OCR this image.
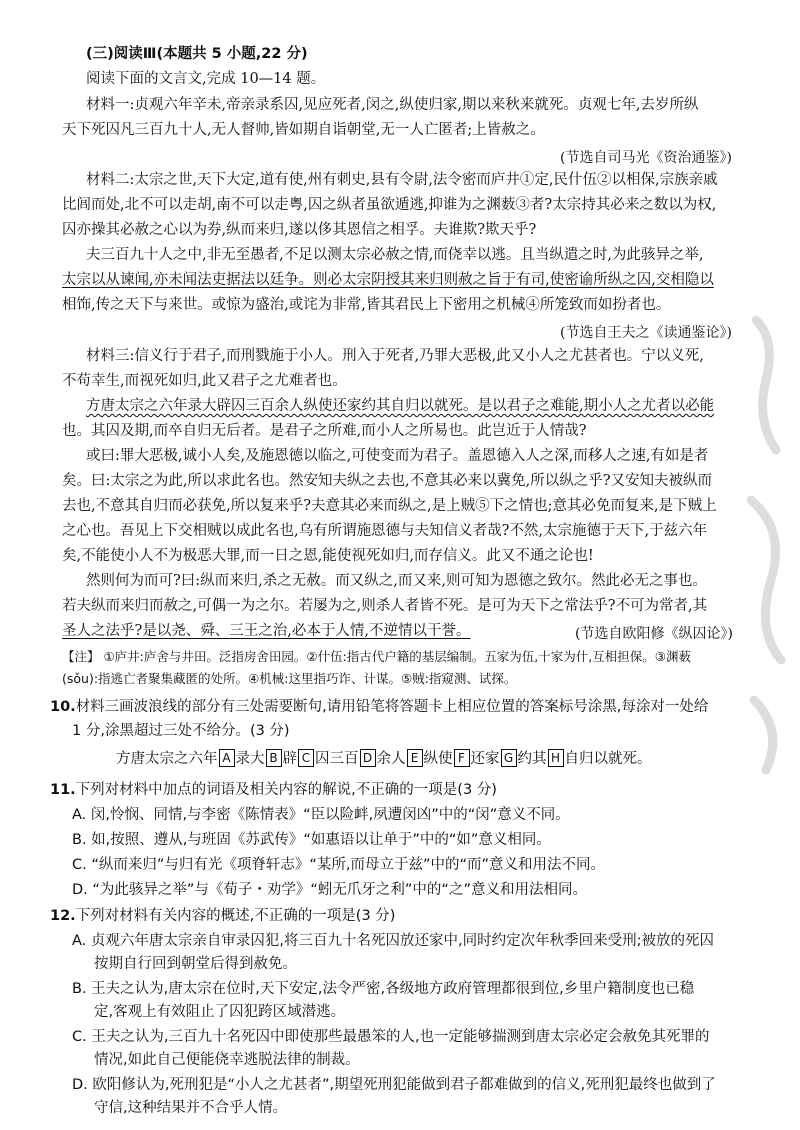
(三)阅读Ⅲ(本题共 5 小题,22 分)
阅读下面的文言文,完成 10—14 题。
材料一:贞观六年辛未,帝亲录系囚,见应死者,闵之,纵使归家,期以来秋来就死。贞观七年,去岁所纵
天下死囚凡三百九十人,无人督帅,皆如期自诣朝堂,无一人亡匿者;上皆赦之。
(节选自司马光《资治通鉴》)
材料二:太宗之世,天下大定,道有使,州有刺史,县有令尉,法令密而庐井①定,民什伍②以相保,宗族亲戚
比闾而处,北不可以走胡,南不可以走粤,囚之纵者虽欲遁逃,抑谁为之渊薮③者?太宗持其必来之数以为权,
囚亦操其必赦之心以为券,纵而来归,遂以侈其恩信之相孚。夫谁欺?欺天乎?
夫三百九十人之中,非无至愚者,不足以测太宗必赦之情,而侥幸以逃。且当纵遣之时,为此骇异之举,
太宗以从谏闻,亦未闻法吏据法以廷争。则必太宗阴授其来归则赦之旨于有司,使密谕所纵之囚,交相隐以
相饰,传之天下与来世。或惊为盛治,或诧为非常,皆其君民上下密用之机械④所笼致而如扮者也。
(节选自王夫之《读通鉴论》)
材料三:信义行于君子,而刑戮施于小人。刑入于死者,乃罪大恶极,此又小人之尤甚者也。宁以义死,
不苟幸生,而视死如归,此又君子之尤难者也。
方唐太宗之六年录大辟囚三百余人纵使还家约其自归以就死。是以君子之难能,期小人之尤者以必能
也。其囚及期,而卒自归无后者。是君子之所难,而小人之所易也。此岂近于人情哉?
或曰:罪大恶极,诚小人矣,及施恩德以临之,可使变而为君子。盖恩德入人之深,而移人之速,有如是者
矣。曰:太宗之为此,所以求此名也。然安知夫纵之去也,不意其必来以冀免,所以纵之乎?又安知夫被纵而
去也,不意其自归而必获免,所以复来乎?夫意其必来而纵之,是上贼⑤下之情也;意其必免而复来,是下贼上
之心也。吾见上下交相贼以成此名也,乌有所谓施恩德与夫知信义者哉?不然,太宗施德于天下,于兹六年
矣,不能使小人不为极恶大罪,而一日之恩,能使视死如归,而存信义。此又不通之论也!
然则何为而可?曰:纵而来归,杀之无赦。而又纵之,而又来,则可知为恩德之致尔。然此必无之事也。
若夫纵而来归而赦之,可偶一为之尔。若屡为之,则杀人者皆不死。是可为天下之常法乎?不可为常者,其
圣人之法乎?是以尧、舜、三王之治,必本于人情,不逆情以干誉。	(节选自欧阳修《纵囚论》)
【注】 ①庐井:庐舍与井田。泛指房舍田园。②什伍:指古代户籍的基层编制。五家为伍,十家为什,互相担保。③渊薮
(sǒu):指逃亡者聚集藏匿的处所。④机械:这里指巧诈、计谋。⑤贼:指窥测、试探。
10.材料三画波浪线的部分有三处需要断句,请用铅笔将答题卡上相应位置的答案标号涂黑,每涂对一处给
1 分,涂黑超过三处不给分。(3 分)
方唐太宗之六年 A 录大 B 辟 C 囚三百 D 余人 E 纵使 F 还家 G 约其 H 自归以就死。
11.下列对材料中加点的词语及相关内容的解说,不正确的一项是(3 分)
A. 闵,怜悯、同情,与李密《陈情表》“臣以险衅,夙遭闵凶”中的“闵”意义不同。
B. 如,按照、遵从,与班固《苏武传》“如惠语以让单于”中的“如”意义相同。
C. “纵而来归”与归有光《项脊轩志》“某所,而母立于兹”中的“而”意义和用法不同。
D. “为此骇异之举”与《荀子・劝学》“蚓无爪牙之利”中的“之”意义和用法相同。
12.下列对材料有关内容的概述,不正确的一项是(3 分)
A. 贞观六年唐太宗亲自审录囚犯,将三百九十名死囚放还家中,同时约定次年秋季回来受刑;被放的死囚
按期自行回到朝堂后得到赦免。
B. 王夫之认为,唐太宗在位时,天下安定,法令严密,各级地方政府管理都很到位,乡里户籍制度也已稳
定,客观上有效阻止了囚犯跨区域潜逃。
C. 王夫之认为,三百九十名死囚中即使那些最愚笨的人,也一定能够揣测到唐太宗必定会赦免其死罪的
情况,如此自己便能侥幸逃脱法律的制裁。
D. 欧阳修认为,死刑犯是“小人之尤甚者”,期望死刑犯能做到君子都难做到的信义,死刑犯最终也做到了
守信,这种结果并不合乎人情。
